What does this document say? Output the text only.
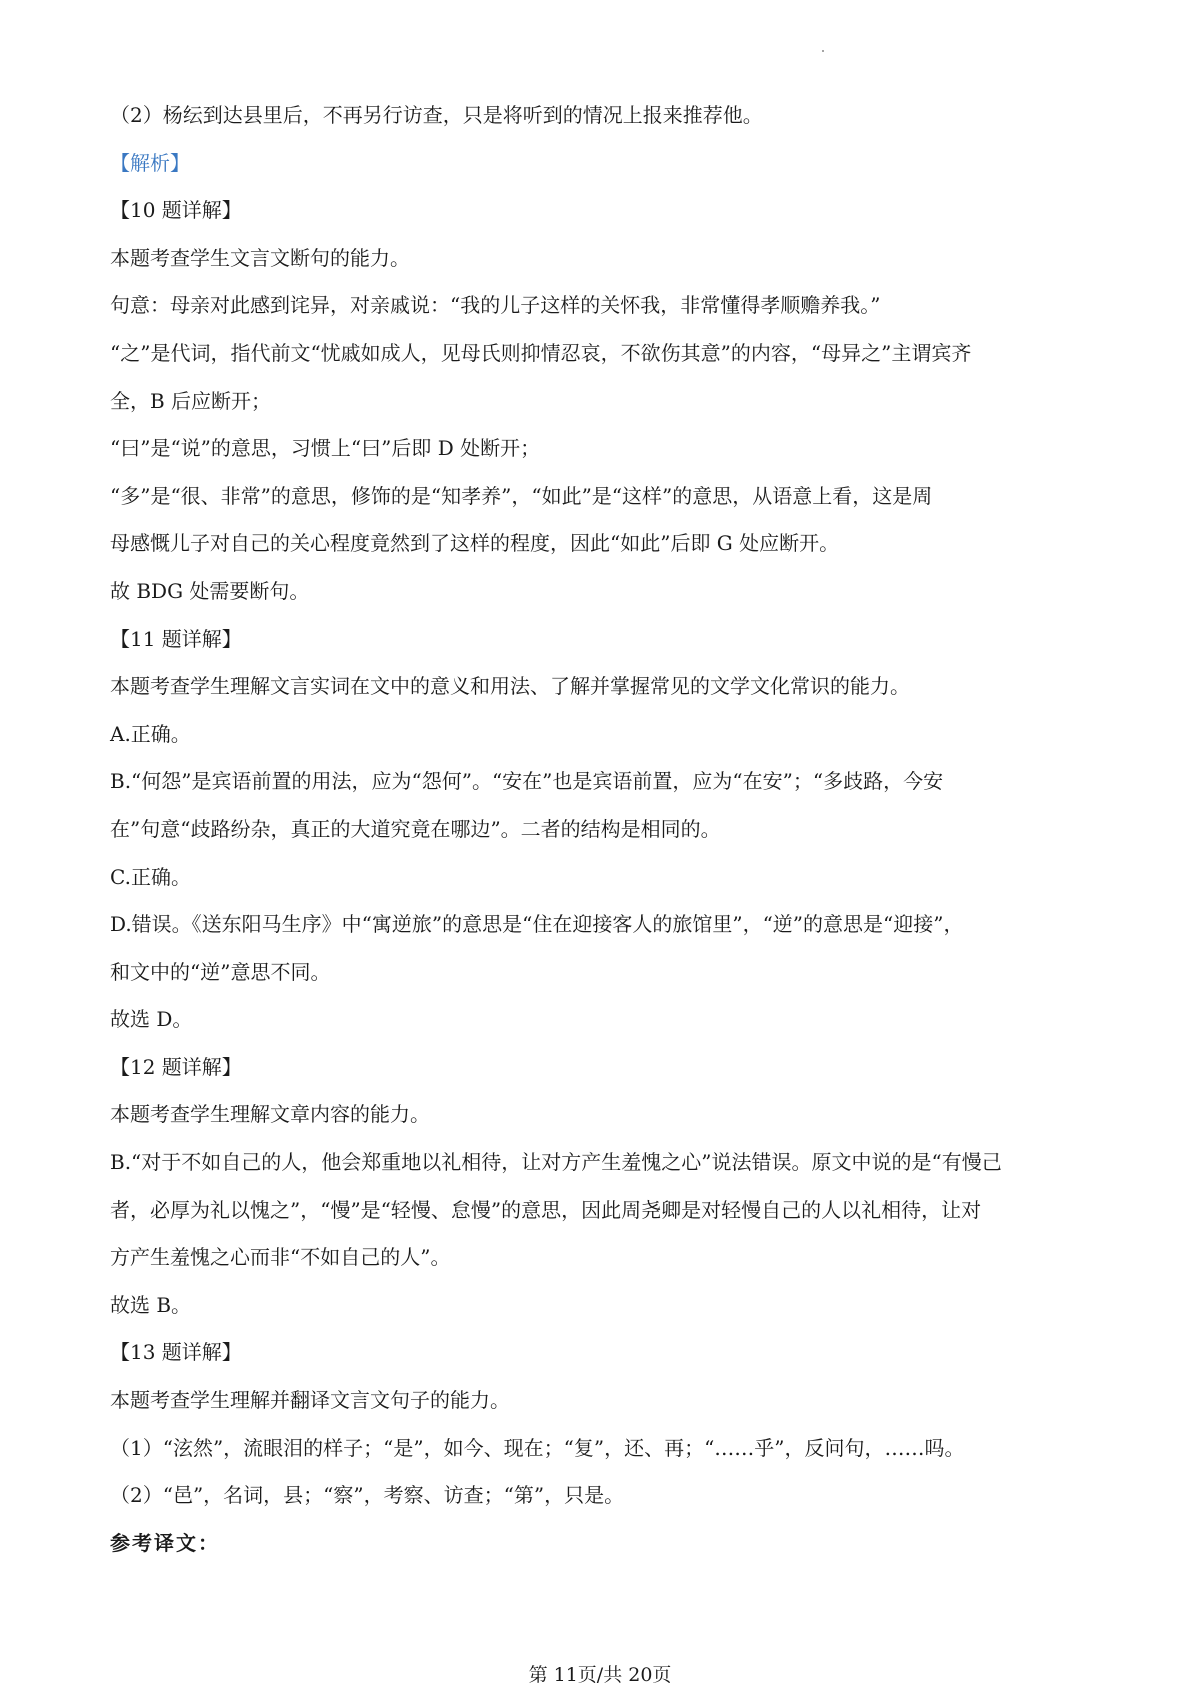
（2）杨纭到达县里后，不再另行访查，只是将听到的情况上报来推荐他。
【解析】
【10 题详解】
本题考查学生文言文断句的能力。
句意：母亲对此感到诧异，对亲戚说：“我的儿子这样的关怀我，非常懂得孝顺赡养我。”
“之”是代词，指代前文“忧戚如成人，见母氏则抑情忍哀，不欲伤其意”的内容，“母异之”主谓宾齐
全，B 后应断开；
“曰”是“说”的意思，习惯上“曰”后即 D 处断开；
“多”是“很、非常”的意思，修饰的是“知孝养”，“如此”是“这样”的意思，从语意上看，这是周
母感慨儿子对自己的关心程度竟然到了这样的程度，因此“如此”后即 G 处应断开。
故 BDG 处需要断句。
【11 题详解】
本题考查学生理解文言实词在文中的意义和用法、了解并掌握常见的文学文化常识的能力。
A.正确。
B.“何怨”是宾语前置的用法，应为“怨何”。“安在”也是宾语前置，应为“在安”；“多歧路，今安
在”句意“歧路纷杂，真正的大道究竟在哪边”。二者的结构是相同的。
C.正确。
D.错误。《送东阳马生序》中“寓逆旅”的意思是“住在迎接客人的旅馆里”，“逆”的意思是“迎接”，
和文中的“逆”意思不同。
故选 D。
【12 题详解】
本题考查学生理解文章内容的能力。
B.“对于不如自己的人，他会郑重地以礼相待，让对方产生羞愧之心”说法错误。原文中说的是“有慢己
者，必厚为礼以愧之”，“慢”是“轻慢、怠慢”的意思，因此周尧卿是对轻慢自己的人以礼相待，让对
方产生羞愧之心而非“不如自己的人”。
故选 B。
【13 题详解】
本题考查学生理解并翻译文言文句子的能力。
（1）“泫然”，流眼泪的样子；“是”，如今、现在；“复”，还、再；“……乎”，反问句，……吗。
（2）“邑”，名词，县；“察”，考察、访查；“第”，只是。
参考译文：
第 11页/共 20页
